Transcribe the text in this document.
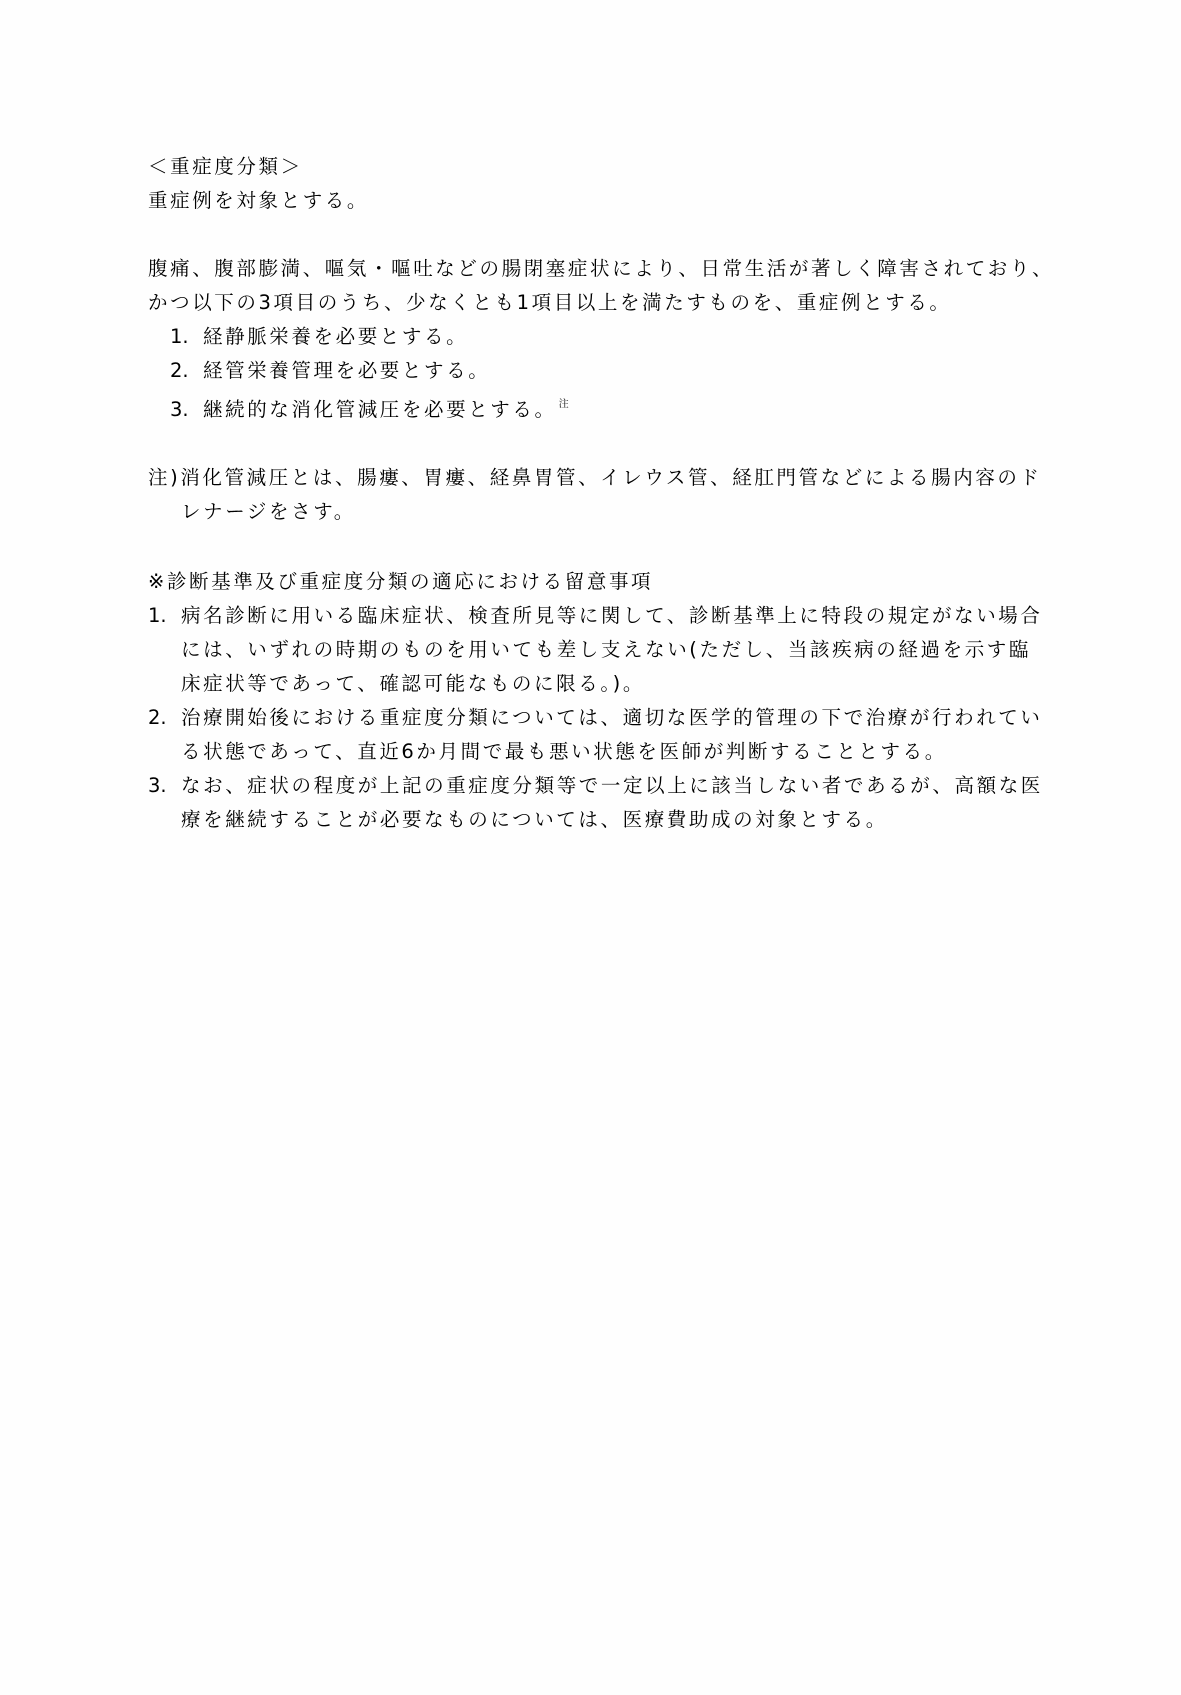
＜重症度分類＞
重症例を対象とする。
腹痛、腹部膨満、嘔気・嘔吐などの腸閉塞症状により、日常生活が著しく障害されており、
かつ以下の3項目のうち、少なくとも1項目以上を満たすものを、重症例とする。
1. 経静脈栄養を必要とする。
2. 経管栄養管理を必要とする。
3. 継続的な消化管減圧を必要とする。 $^注$
注)消化管減圧とは、腸瘻、胃瘻、経鼻胃管、イレウス管、経肛門管などによる腸内容のド
レナージをさす。
※診断基準及び重症度分類の適応における留意事項
1. 病名診断に用いる臨床症状、検査所見等に関して、診断基準上に特段の規定がない場合
には、いずれの時期のものを用いても差し支えない(ただし、当該疾病の経過を示す臨
床症状等であって、確認可能なものに限る。)。
2. 治療開始後における重症度分類については、適切な医学的管理の下で治療が行われてい
る状態であって、直近6か月間で最も悪い状態を医師が判断することとする。
3. なお、症状の程度が上記の重症度分類等で一定以上に該当しない者であるが、高額な医
療を継続することが必要なものについては、医療費助成の対象とする。
